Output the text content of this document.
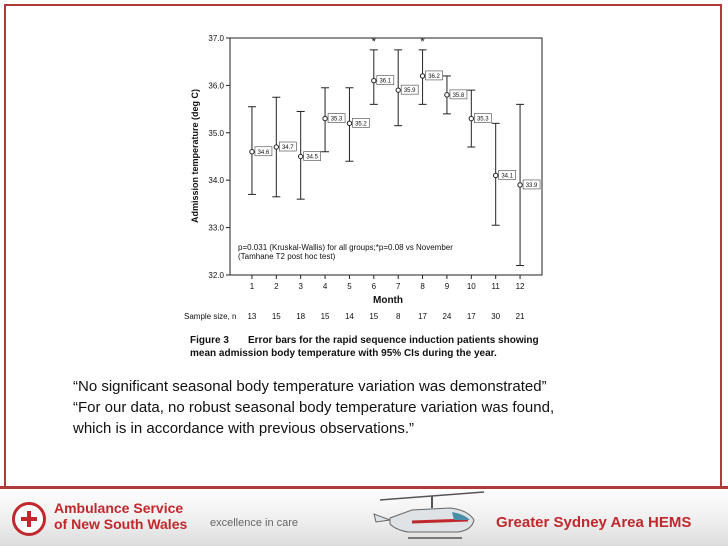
Admission temperature (deg C)
Month
p=0.031 (Kruskal-Wallis) for all groups;*p=0.08 vs November
(Tamhane T2 post hoc test)
Sample size, n
Figure 3 Error bars for the rapid sequence induction patients showing
mean admission body temperature with 95% CIs during the year.
37.0
36.0
35.0
34.0
33.0
32.0
1
34.6
13
2
34.7
15
3
34.5
18
4
35.3
15
5
35.2
14
6
36.1
*
15
7
35.9
8
8
36.2
*
17
9
35.8
24
10
35.3
17
11
34.1
30
12
33.9
21

“No significant seasonal body temperature variation was demonstrated”

“For our data, no robust seasonal body temperature variation was found,

which is in accordance with previous observations.”

Ambulance Service
of New South Wales excellence in care	Greater Sydney Area HEMS
